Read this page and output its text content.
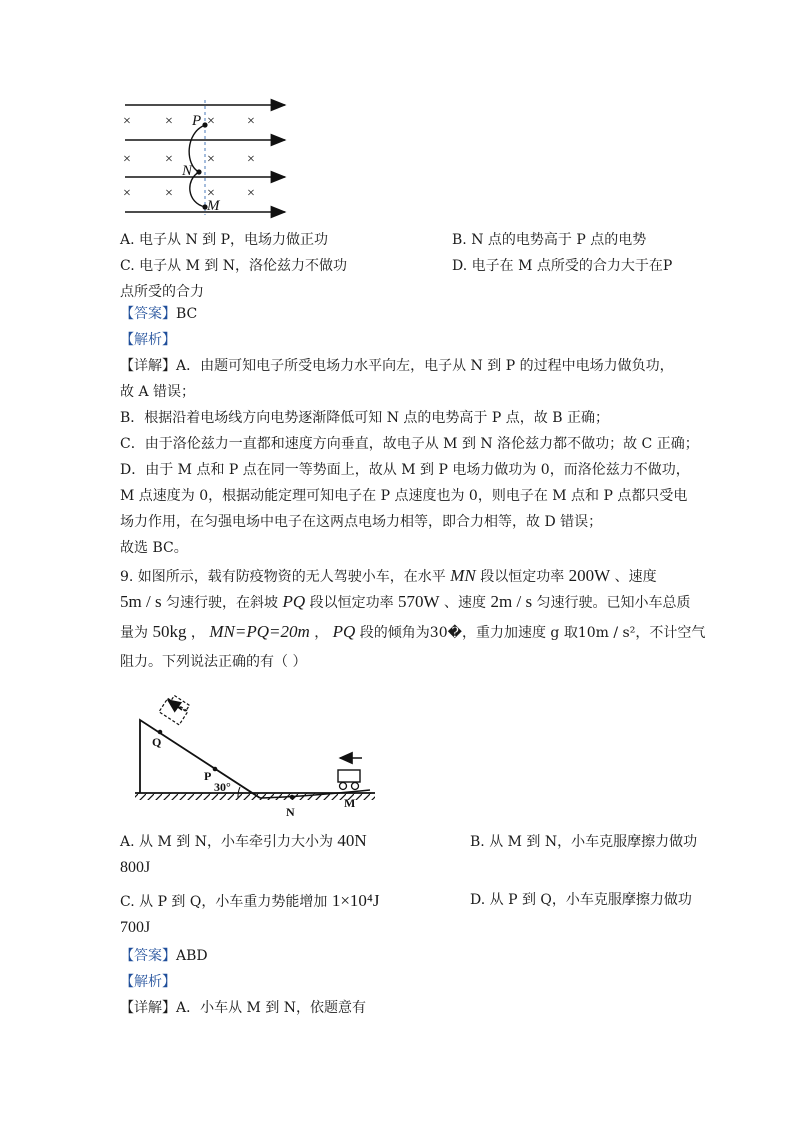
× × × ×
× × × ×
× × × ×
P
N
M
A. 电子从 N 到 P，电场力做正功	B. N 点的电势高于 P 点的电势
C. 电子从 M 到 N，洛伦兹力不做功	D. 电子在 M 点所受的合力大于在P
点所受的合力
【答案】BC
【解析】
【详解】A．由题可知电子所受电场力水平向左，电子从 N 到 P 的过程中电场力做负功，
故 A 错误；
B．根据沿着电场线方向电势逐渐降低可知 N 点的电势高于 P 点，故 B 正确；
C．由于洛伦兹力一直都和速度方向垂直，故电子从 M 到 N 洛伦兹力都不做功；故 C 正确；
D．由于 M 点和 P 点在同一等势面上，故从 M 到 P 电场力做功为 0，而洛伦兹力不做功，
M 点速度为 0，根据动能定理可知电子在 P 点速度也为 0，则电子在 M 点和 P 点都只受电
场力作用，在匀强电场中电子在这两点电场力相等，即合力相等，故 D 错误；
故选 BC。
9. 如图所示，载有防疫物资的无人驾驶小车，在水平 MN 段以恒定功率 200W 、速度
5m / s 匀速行驶，在斜坡 PQ 段以恒定功率 570W 、速度 2m / s 匀速行驶。已知小车总质
量为 50kg ， MN=PQ=20m ， PQ 段的倾角为30�，重力加速度 g 取10m / s²，不计空气
阻力。下列说法正确的有（ ）
Q
P
30°
N
M
A. 从 M 到 N，小车牵引力大小为 40N	B. 从 M 到 N，小车克服摩擦力做功
800J
C. 从 P 到 Q，小车重力势能增加 1×10⁴J	D. 从 P 到 Q，小车克服摩擦力做功
700J
【答案】ABD
【解析】
【详解】A．小车从 M 到 N，依题意有
